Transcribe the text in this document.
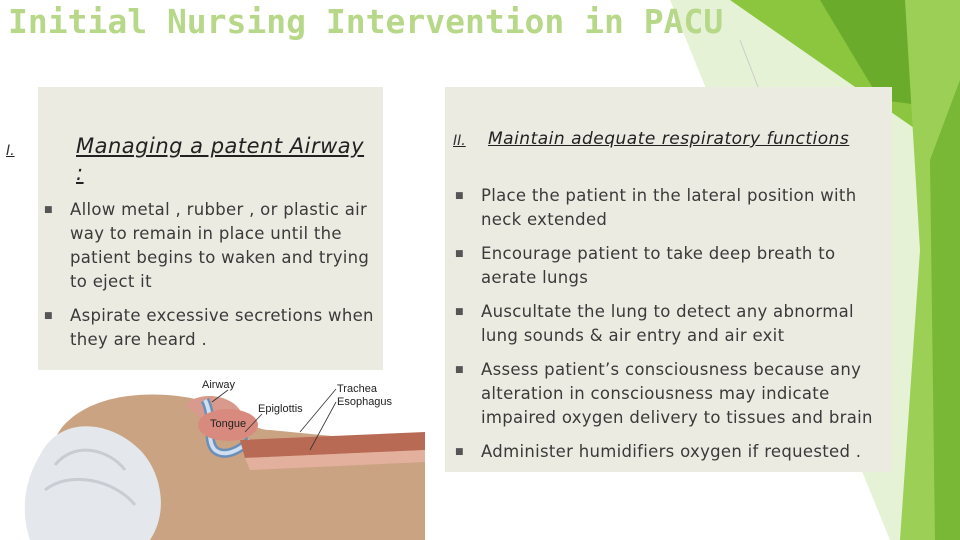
Initial Nursing Intervention in PACU
I.	Managing a patent Airway :
■	Allow metal , rubber , or plastic air way to remain in place until the patient begins to waken and trying to eject it
■	Aspirate excessive secretions when they are heard .
II.	Maintain adequate respiratory functions
■	Place the patient in the lateral position with neck extended
■	Encourage patient to take deep breath to aerate lungs
■	Auscultate the lung to detect any abnormal lung sounds & air entry and air exit
■	Assess patient’s consciousness because any alteration in consciousness may indicate impaired oxygen delivery to tissues and brain
■	Administer humidifiers oxygen if requested .
Airway	Trachea
Esophagus
Epiglottis
Tongue
